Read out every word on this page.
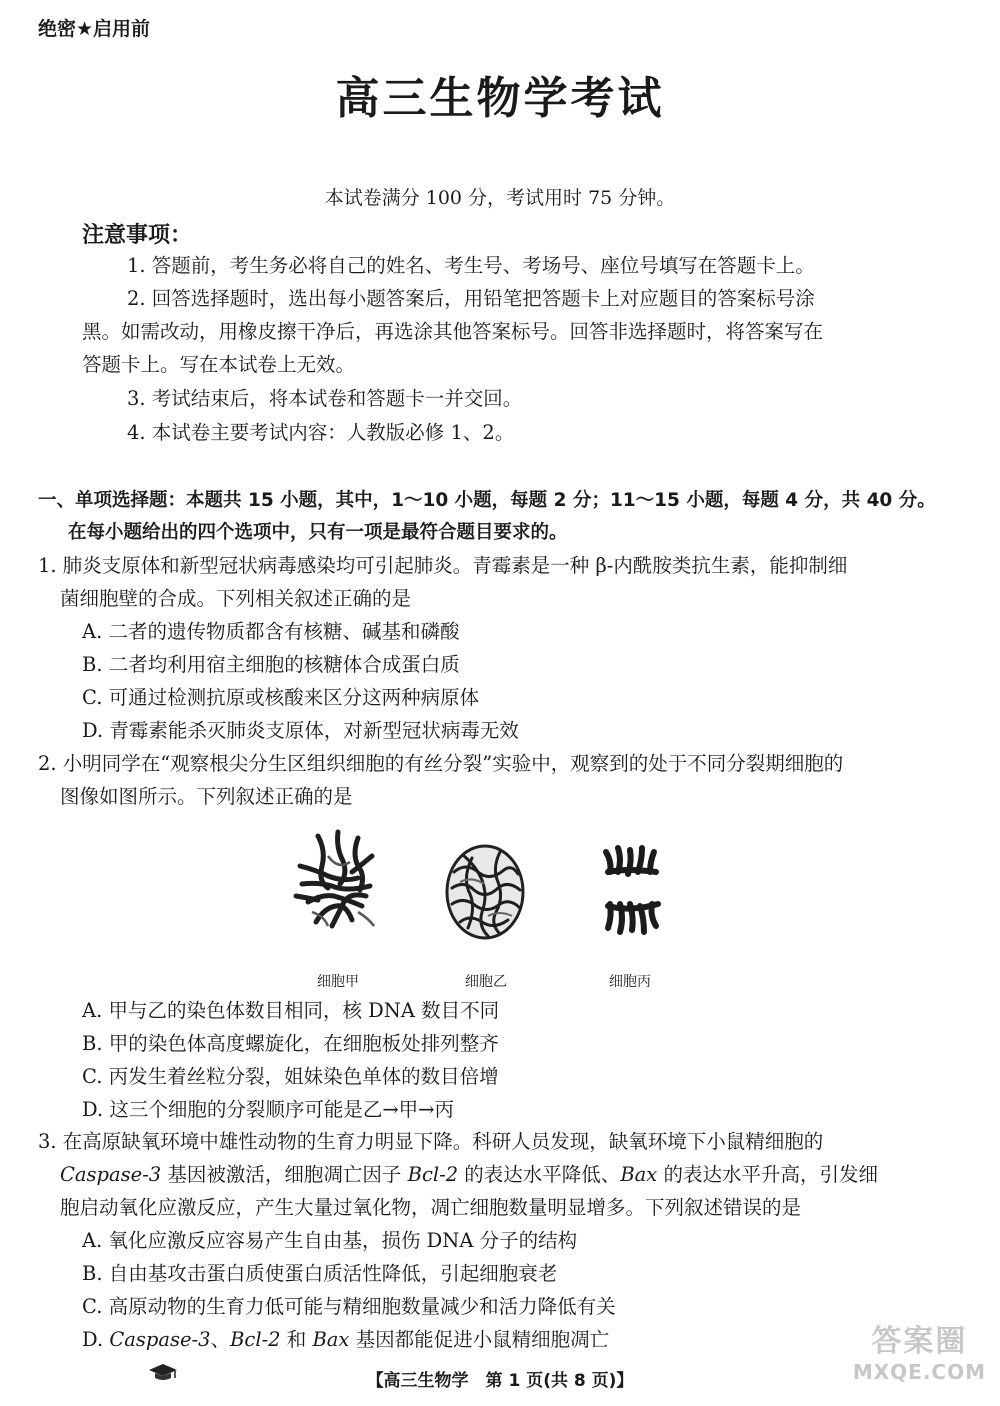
绝密★启用前
高三生物学考试
本试卷满分 100 分，考试用时 75 分钟。
注意事项：
1. 答题前，考生务必将自己的姓名、考生号、考场号、座位号填写在答题卡上。
2. 回答选择题时，选出每小题答案后，用铅笔把答题卡上对应题目的答案标号涂
黑。如需改动，用橡皮擦干净后，再选涂其他答案标号。回答非选择题时，将答案写在
答题卡上。写在本试卷上无效。
3. 考试结束后，将本试卷和答题卡一并交回。
4. 本试卷主要考试内容：人教版必修 1、2。
一、单项选择题：本题共 15 小题，其中，1～10 小题，每题 2 分；11～15 小题，每题 4 分，共 40 分。
在每小题给出的四个选项中，只有一项是最符合题目要求的。
1. 肺炎支原体和新型冠状病毒感染均可引起肺炎。青霉素是一种 β-内酰胺类抗生素，能抑制细
菌细胞壁的合成。下列相关叙述正确的是
A. 二者的遗传物质都含有核糖、碱基和磷酸
B. 二者均利用宿主细胞的核糖体合成蛋白质
C. 可通过检测抗原或核酸来区分这两种病原体
D. 青霉素能杀灭肺炎支原体，对新型冠状病毒无效
2. 小明同学在“观察根尖分生区组织细胞的有丝分裂”实验中，观察到的处于不同分裂期细胞的
图像如图所示。下列叙述正确的是
细胞甲	细胞乙	细胞丙
A. 甲与乙的染色体数目相同，核 DNA 数目不同
B. 甲的染色体高度螺旋化，在细胞板处排列整齐
C. 丙发生着丝粒分裂，姐妹染色单体的数目倍增
D. 这三个细胞的分裂顺序可能是乙→甲→丙
3. 在高原缺氧环境中雄性动物的生育力明显下降。科研人员发现，缺氧环境下小鼠精细胞的
Caspase-3 基因被激活，细胞凋亡因子 Bcl-2 的表达水平降低、Bax 的表达水平升高，引发细
胞启动氧化应激反应，产生大量过氧化物，凋亡细胞数量明显增多。下列叙述错误的是
A. 氧化应激反应容易产生自由基，损伤 DNA 分子的结构
B. 自由基攻击蛋白质使蛋白质活性降低，引起细胞衰老
C. 高原动物的生育力低可能与精细胞数量减少和活力降低有关
D. Caspase-3、Bcl-2 和 Bax 基因都能促进小鼠精细胞凋亡
【高三生物学　第 1 页(共 8 页)】
答案圈
MXQE.COM
